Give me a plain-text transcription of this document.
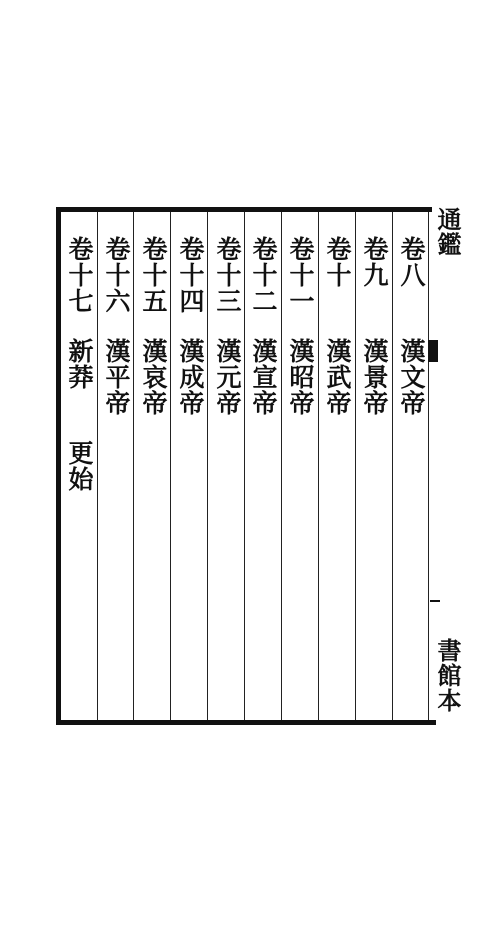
卷八
卷九
卷十
卷十一
卷十二
卷十三
卷十四
卷十五
卷十六
卷十七
漢文帝
漢景帝
漢武帝
漢昭帝
漢宣帝
漢元帝
漢成帝
漢哀帝
漢平帝
新莽
更始
通鑑
書館本
